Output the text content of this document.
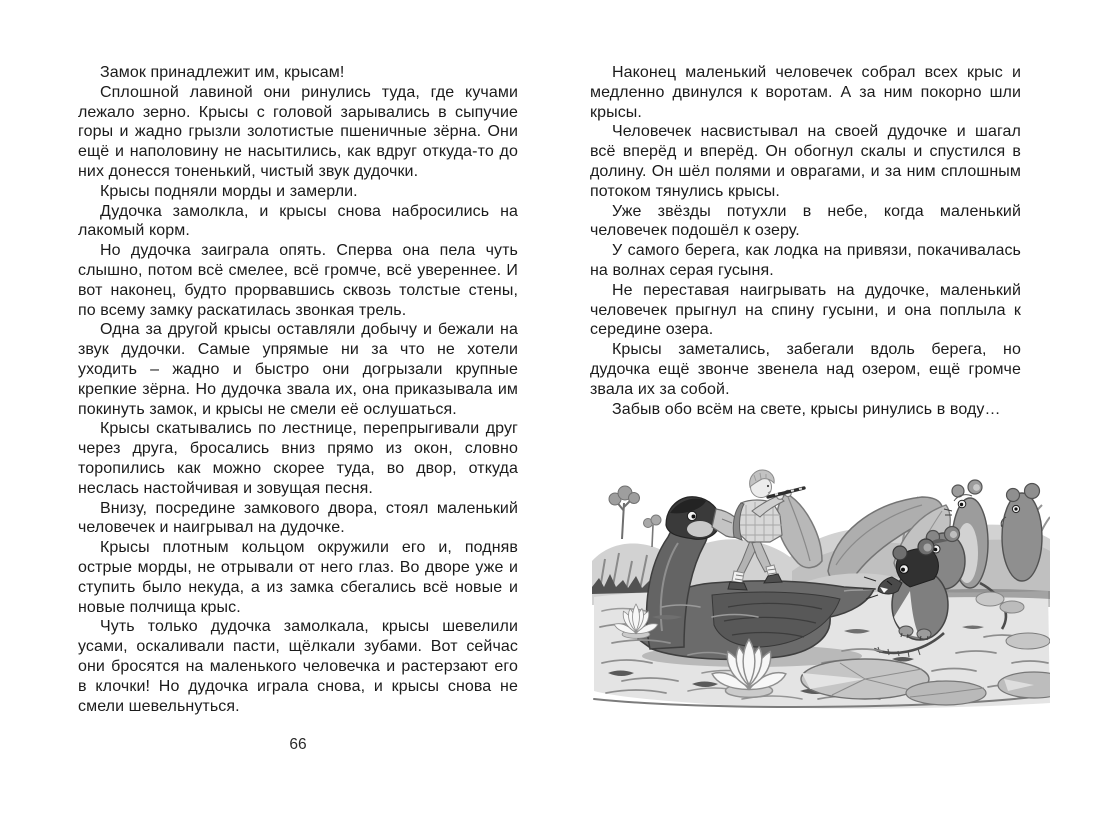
Замок принадлежит им, крысам!

Сплошной лавиной они ринулись туда, где кучами лежало зерно. Крысы с головой зарывались в сыпучие горы и жадно грызли золотистые пшеничные зёрна. Они ещё и наполовину не насытились, как вдруг откуда-то до них донесся тоненький, чистый звук дудочки.

Крысы подняли морды и замерли.

Дудочка замолкла, и крысы снова набросились на лакомый корм.

Но дудочка заиграла опять. Сперва она пела чуть слышно, потом всё смелее, всё громче, всё увереннее. И вот наконец, будто прорвавшись сквозь толстые стены, по всему замку раскатилась звонкая трель.

Одна за другой крысы оставляли добычу и бежали на звук дудочки. Самые упрямые ни за что не хотели уходить – жадно и быстро они догрызали крупные крепкие зёрна. Но дудочка звала их, она приказывала им покинуть замок, и крысы не смели её ослушаться.

Крысы скатывались по лестнице, перепрыгивали друг через друга, бросались вниз прямо из окон, словно торопились как можно скорее туда, во двор, откуда неслась настойчивая и зовущая песня.

Внизу, посредине замкового двора, стоял маленький человечек и наигрывал на дудочке.

Крысы плотным кольцом окружили его и, подняв острые морды, не отрывали от него глаз. Во дворе уже и ступить было некуда, а из замка сбегались всё новые и новые полчища крыс.

Чуть только дудочка замолкала, крысы шевелили усами, оскаливали пасти, щёлкали зубами. Вот сейчас они бросятся на маленького человечка и растерзают его в клочки! Но дудочка играла снова, и крысы снова не смели шевельнуться.

66

Наконец маленький человечек собрал всех крыс и медленно двинулся к воротам. А за ним покорно шли крысы.

Человечек насвистывал на своей дудочке и шагал всё вперёд и вперёд. Он обогнул скалы и спустился в долину. Он шёл полями и оврагами, и за ним сплошным потоком тянулись крысы.

Уже звёзды потухли в небе, когда маленький человечек подошёл к озеру.

У самого берега, как лодка на привязи, покачивалась на волнах серая гусыня.

Не переставая наигрывать на дудочке, маленький человечек прыгнул на спину гусыни, и она поплыла к середине озера.

Крысы заметались, забегали вдоль берега, но дудочка ещё звонче звенела над озером, ещё громче звала их за собой.

Забыв обо всём на свете, крысы ринулись в воду…
